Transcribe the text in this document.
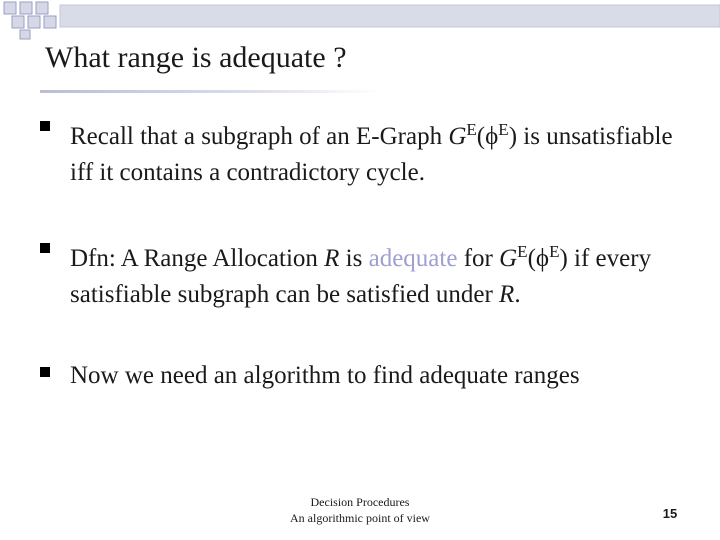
What range is adequate ?
Recall that a subgraph of an E-Graph $G^E(\phi^E)$ is unsatisfiable iff it contains a contradictory cycle.
Dfn: A Range Allocation R is adequate for $G^E(\phi^E)$ if every satisfiable subgraph can be satisfied under R.
Now we need an algorithm to find adequate ranges
Decision Procedures
An algorithmic point of view	15
